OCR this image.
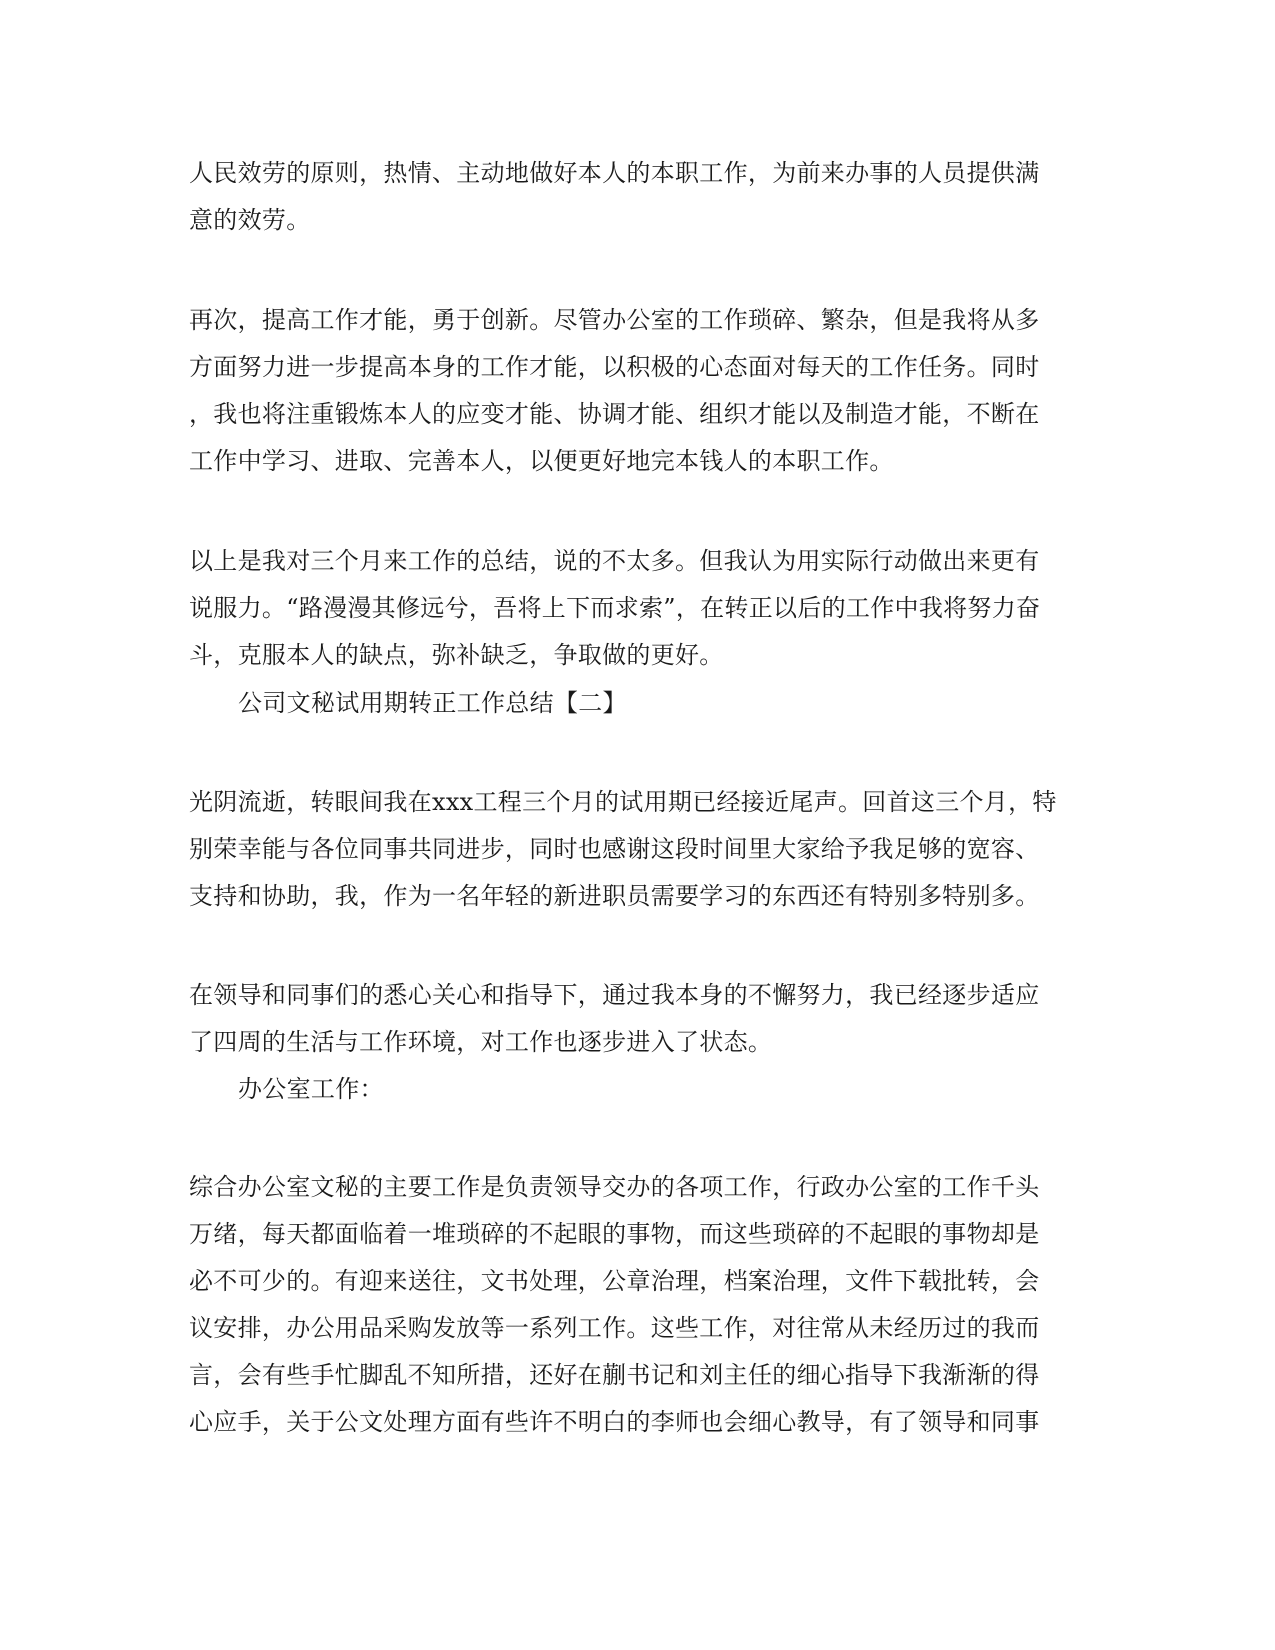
人民效劳的原则，热情、主动地做好本人的本职工作，为前来办事的人员提供满
意的效劳。
再次，提高工作才能，勇于创新。尽管办公室的工作琐碎、繁杂，但是我将从多
方面努力进一步提高本身的工作才能，以积极的心态面对每天的工作任务。同时
，我也将注重锻炼本人的应变才能、协调才能、组织才能以及制造才能，不断在
工作中学习、进取、完善本人，以便更好地完本钱人的本职工作。
以上是我对三个月来工作的总结，说的不太多。但我认为用实际行动做出来更有
说服力。“路漫漫其修远兮，吾将上下而求索”，在转正以后的工作中我将努力奋
斗，克服本人的缺点，弥补缺乏，争取做的更好。
公司文秘试用期转正工作总结【二】
光阴流逝，转眼间我在xxx工程三个月的试用期已经接近尾声。回首这三个月，特
别荣幸能与各位同事共同进步，同时也感谢这段时间里大家给予我足够的宽容、
支持和协助，我，作为一名年轻的新进职员需要学习的东西还有特别多特别多。
在领导和同事们的悉心关心和指导下，通过我本身的不懈努力，我已经逐步适应
了四周的生活与工作环境，对工作也逐步进入了状态。
办公室工作：
综合办公室文秘的主要工作是负责领导交办的各项工作，行政办公室的工作千头
万绪，每天都面临着一堆琐碎的不起眼的事物，而这些琐碎的不起眼的事物却是
必不可少的。有迎来送往，文书处理，公章治理，档案治理，文件下载批转，会
议安排，办公用品采购发放等一系列工作。这些工作，对往常从未经历过的我而
言，会有些手忙脚乱不知所措，还好在蒯书记和刘主任的细心指导下我渐渐的得
心应手，关于公文处理方面有些许不明白的李师也会细心教导，有了领导和同事
